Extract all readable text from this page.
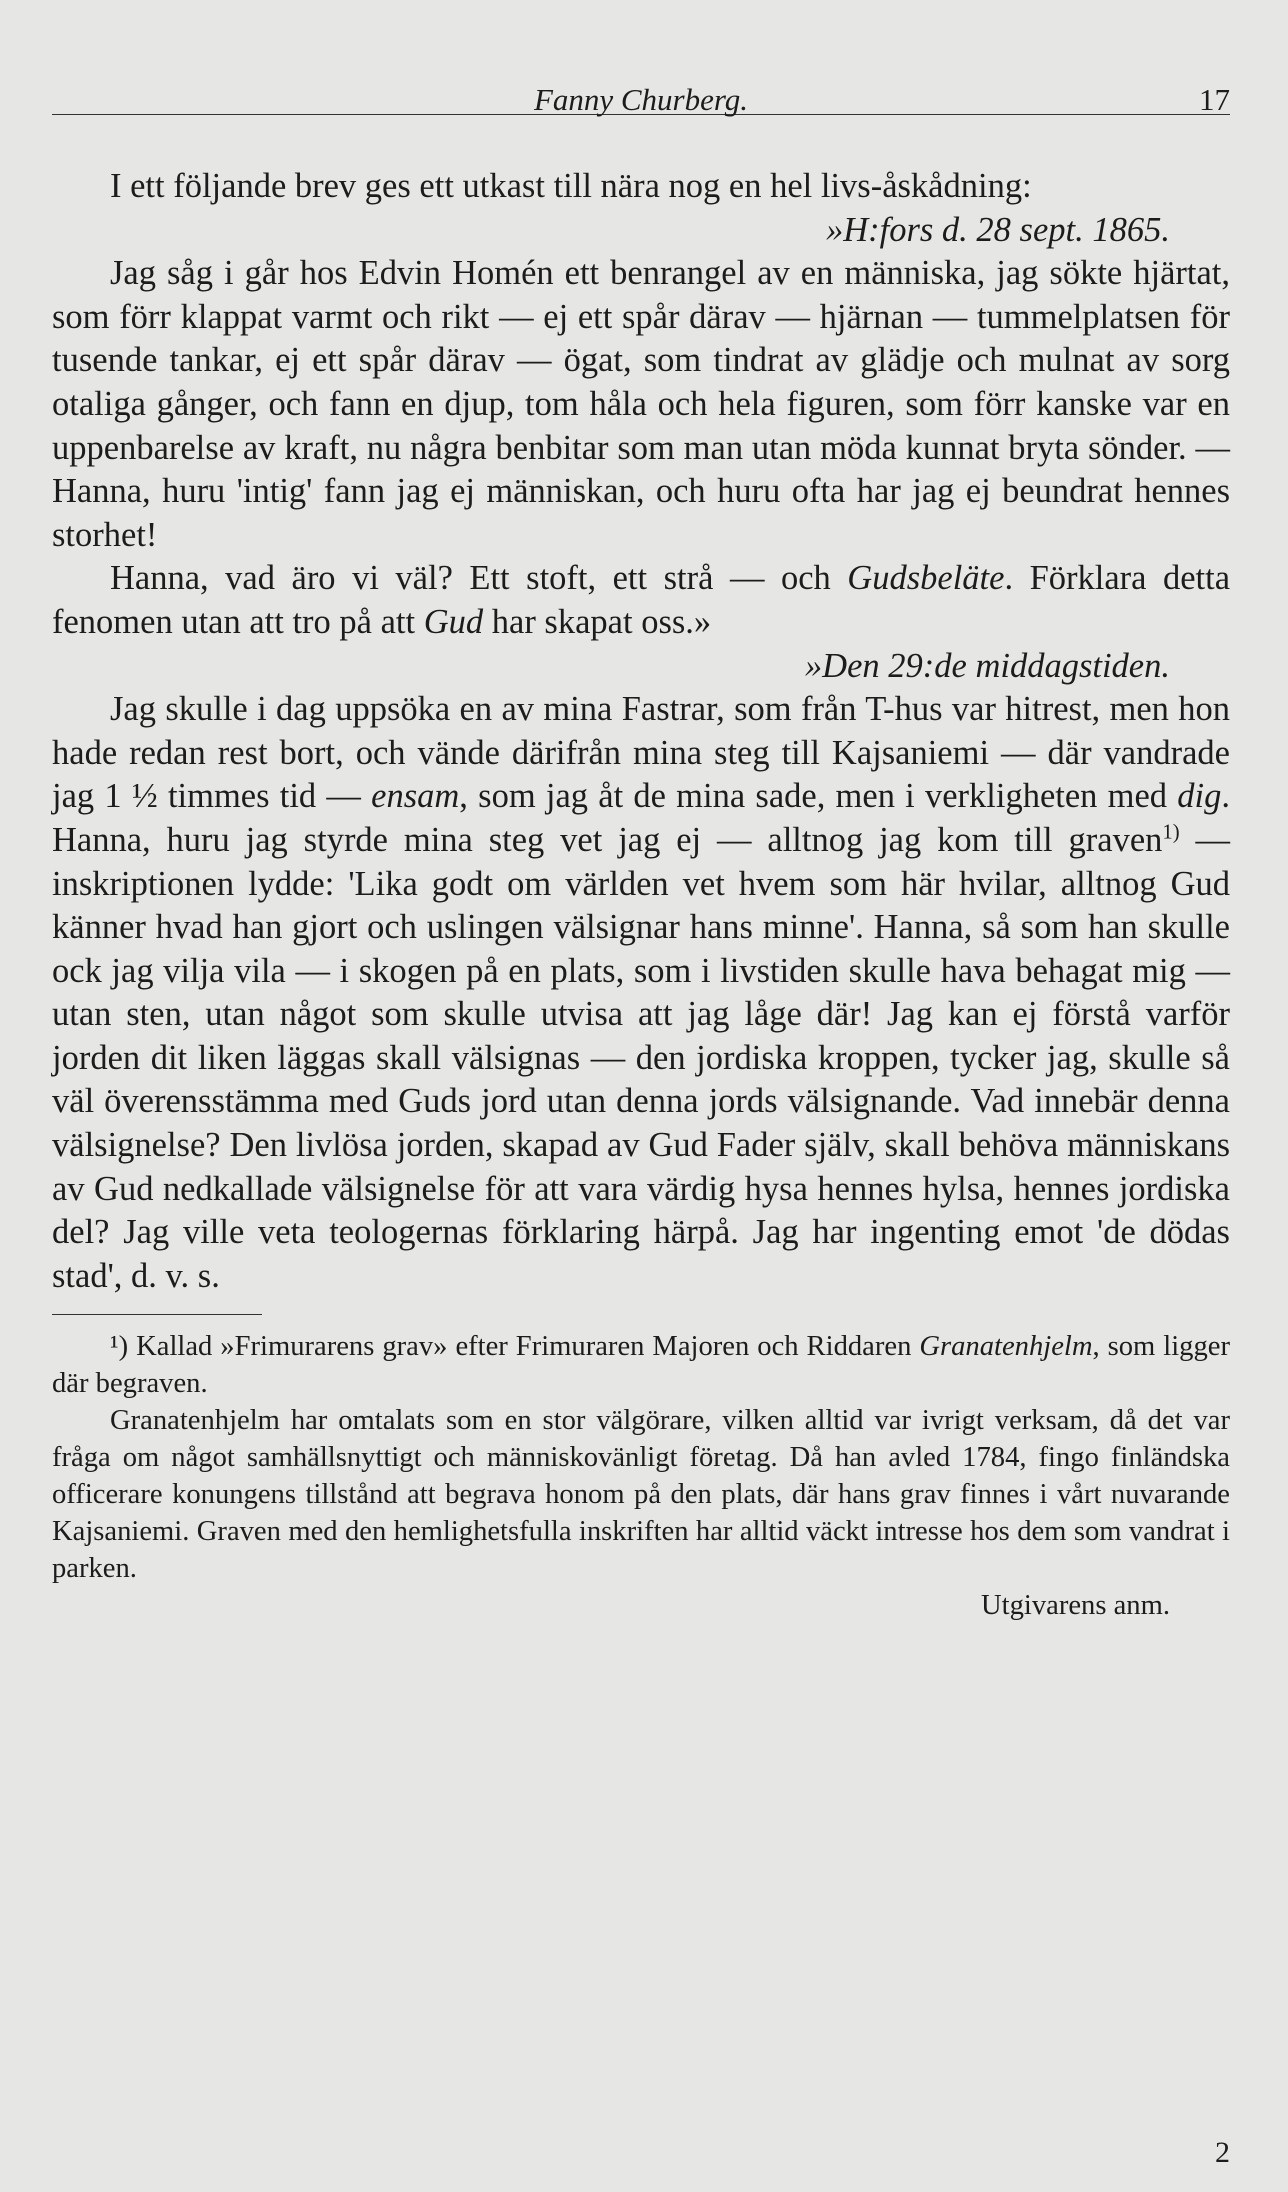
Fanny Churberg.	17

I ett följande brev ges ett utkast till nära nog en hel livs-åskådning:

»H:fors d. 28 sept. 1865.

Jag såg i går hos Edvin Homén ett benrangel av en människa, jag sökte hjärtat, som förr klappat varmt och rikt — ej ett spår därav — hjärnan — tummelplatsen för tusende tankar, ej ett spår därav — ögat, som tindrat av glädje och mulnat av sorg otaliga gånger, och fann en djup, tom håla och hela figuren, som förr kanske var en uppenbarelse av kraft, nu några benbitar som man utan möda kunnat bryta sönder. — Hanna, huru 'intig' fann jag ej människan, och huru ofta har jag ej beundrat hennes storhet!

Hanna, vad äro vi väl? Ett stoft, ett strå — och Gudsbeläte. Förklara detta fenomen utan att tro på att Gud har skapat oss.»

»Den 29:de middagstiden.

Jag skulle i dag uppsöka en av mina Fastrar, som från T-hus var hitrest, men hon hade redan rest bort, och vände därifrån mina steg till Kajsaniemi — där vandrade jag 1 ½ timmes tid — ensam, som jag åt de mina sade, men i verkligheten med dig. Hanna, huru jag styrde mina steg vet jag ej — alltnog jag kom till graven$^{1)}$ — inskriptionen lydde: 'Lika godt om världen vet hvem som här hvilar, alltnog Gud känner hvad han gjort och uslingen välsignar hans minne'. Hanna, så som han skulle ock jag vilja vila — i skogen på en plats, som i livstiden skulle hava behagat mig — utan sten, utan något som skulle utvisa att jag låge där! Jag kan ej förstå varför jorden dit liken läggas skall välsignas — den jordiska kroppen, tycker jag, skulle så väl överensstämma med Guds jord utan denna jords välsignande. Vad innebär denna välsignelse? Den livlösa jorden, skapad av Gud Fader själv, skall behöva människans av Gud nedkallade välsignelse för att vara värdig hysa hennes hylsa, hennes jordiska del? Jag ville veta teologernas förklaring härpå. Jag har ingenting emot 'de dödas stad', d. v. s.

¹) Kallad »Frimurarens grav» efter Frimuraren Majoren och Riddaren Granatenhjelm, som ligger där begraven.

Granatenhjelm har omtalats som en stor välgörare, vilken alltid var ivrigt verksam, då det var fråga om något samhällsnyttigt och människovänligt företag. Då han avled 1784, fingo finländska officerare konungens tillstånd att begrava honom på den plats, där hans grav finnes i vårt nuvarande Kajsaniemi. Graven med den hemlighetsfulla inskriften har alltid väckt intresse hos dem som vandrat i parken.

Utgivarens anm.

2
